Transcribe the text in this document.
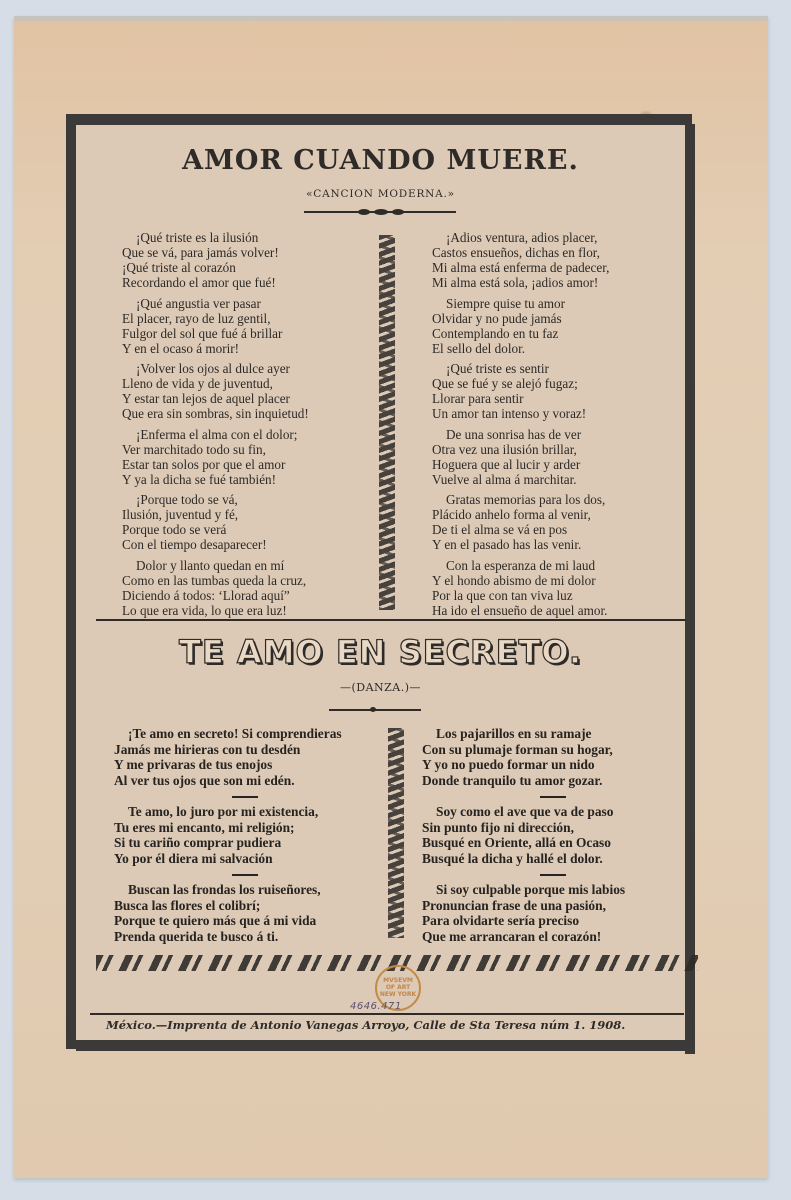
AMOR CUANDO MUERE.
«CANCION MODERNA.»
¡Qué triste es la ilusión
Que se vá, para jamás volver!
¡Qué triste al corazón
Recordando el amor que fué!
¡Qué angustia ver pasar
El placer, rayo de luz gentil,
Fulgor del sol que fué á brillar
Y en el ocaso á morir!
¡Volver los ojos al dulce ayer
Lleno de vida y de juventud,
Y estar tan lejos de aquel placer
Que era sin sombras, sin inquietud!
¡Enferma el alma con el dolor;
Ver marchitado todo su fin,
Estar tan solos por que el amor
Y ya la dicha se fué también!
¡Porque todo se vá,
Ilusión, juventud y fé,
Porque todo se verá
Con el tiempo desaparecer!
Dolor y llanto quedan en mí
Como en las tumbas queda la cruz,
Diciendo á todos: ‘Llorad aquí”
Lo que era vida, lo que era luz!
¡Adios ventura, adios placer,
Castos ensueños, dichas en flor,
Mi alma está enferma de padecer,
Mi alma está sola, ¡adios amor!
Siempre quise tu amor
Olvidar y no pude jamás
Contemplando en tu faz
El sello del dolor.
¡Qué triste es sentir
Que se fué y se alejó fugaz;
Llorar para sentir
Un amor tan intenso y voraz!
De una sonrisa has de ver
Otra vez una ilusión brillar,
Hoguera que al lucir y arder
Vuelve al alma á marchitar.
Gratas memorias para los dos,
Plácido anhelo forma al venir,
De ti el alma se vá en pos
Y en el pasado has las venir.
Con la esperanza de mi laud
Y el hondo abismo de mi dolor
Por la que con tan viva luz
Ha ido el ensueño de aquel amor.
TE AMO EN SECRETO.
—(DANZA.)—
¡Te amo en secreto! Si comprendieras
Jamás me hirieras con tu desdén
Y me privaras de tus enojos
Al ver tus ojos que son mi edén.
Te amo, lo juro por mi existencia,
Tu eres mi encanto, mi religión;
Si tu cariño comprar pudiera
Yo por él diera mi salvación
Buscan las frondas los ruiseñores,
Busca las flores el colibrí;
Porque te quiero más que á mi vida
Prenda querida te busco á ti.
Los pajarillos en su ramaje
Con su plumaje forman su hogar,
Y yo no puedo formar un nido
Donde tranquilo tu amor gozar.
Soy como el ave que va de paso
Sin punto fijo ni dirección,
Busqué en Oriente, allá en Ocaso
Busqué la dicha y hallé el dolor.
Si soy culpable porque mis labios
Pronuncian frase de una pasión,
Para olvidarte sería preciso
Que me arrancaran el corazón!
MVSEVM
OF ART
NEW YORK
4646.471
México.—Imprenta de Antonio Vanegas Arroyo, Calle de Sta Teresa núm 1. 1908.
